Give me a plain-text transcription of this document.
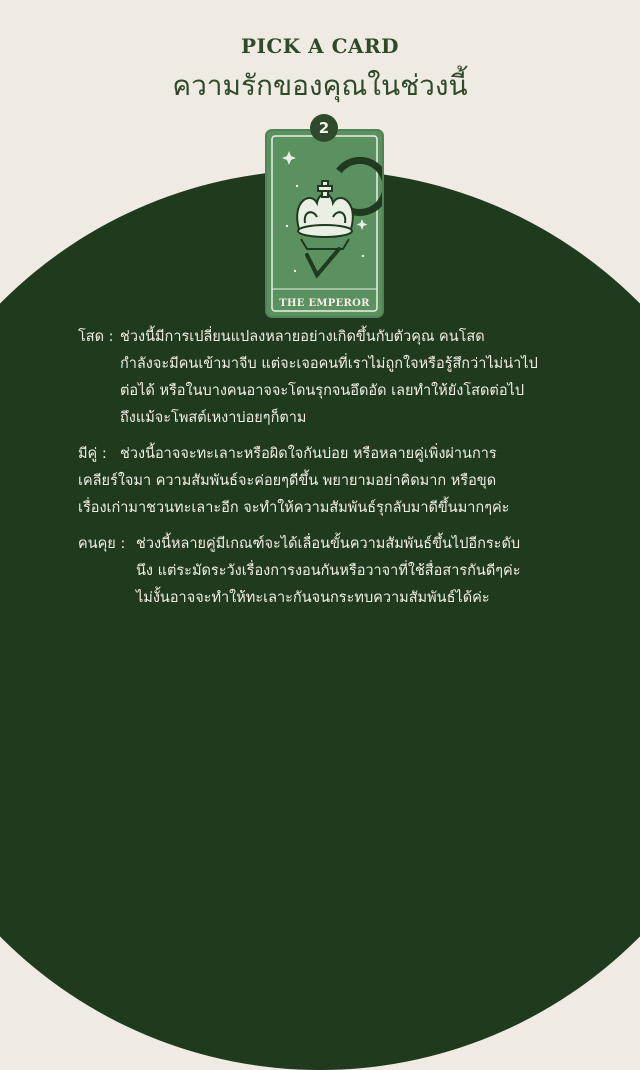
PICK A CARD
ความรักของคุณในช่วงนี้
2
THE EMPEROR
โสด : ช่วงนี้มีการเปลี่ยนแปลงหลายอย่างเกิดขึ้นกับตัวคุณ คนโสด
กำลังจะมีคนเข้ามาจีบ แต่จะเจอคนที่เราไม่ถูกใจหรือรู้สึกว่าไม่น่าไป
ต่อได้ หรือในบางคนอาจจะโดนรุกจนอึดอัด เลยทำให้ยังโสดต่อไป
ถึงแม้จะโพสต์เหงาบ่อยๆก็ตาม
มีคู่ : ช่วงนี้อาจจะทะเลาะหรือผิดใจกันบ่อย หรือหลายคู่เพิ่งผ่านการ
เคลียร์ใจมา ความสัมพันธ์จะค่อยๆดีขึ้น พยายามอย่าคิดมาก หรือขุด
เรื่องเก่ามาชวนทะเลาะอีก จะทำให้ความสัมพันธ์รุกลับมาดีขึ้นมากๆค่ะ
คนคุย : ช่วงนี้หลายคู่มีเกณฑ์จะได้เลื่อนขั้นความสัมพันธ์ขึ้นไปอีกระดับ
นึง แต่ระมัดระวังเรื่องการงอนกันหรือวาจาที่ใช้สื่อสารกันดีๆค่ะ
ไม่งั้นอาจจะทำให้ทะเลาะกันจนกระทบความสัมพันธ์ได้ค่ะ
